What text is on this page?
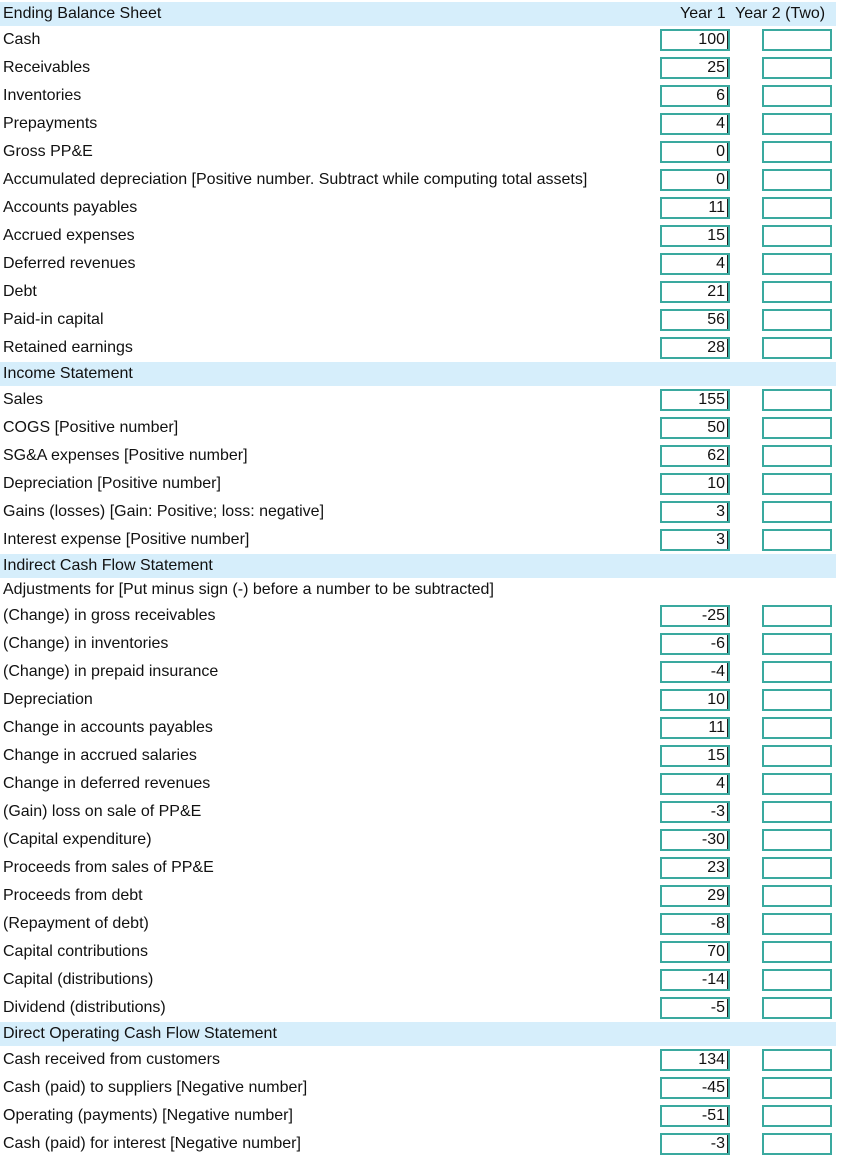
Ending Balance Sheet	Year 1 Year 2 (Two)
Cash	100
Receivables	25
Inventories	6
Prepayments	4
Gross PP&E	0
Accumulated depreciation [Positive number. Subtract while computing total assets]	0
Accounts payables	11
Accrued expenses	15
Deferred revenues	4
Debt	21
Paid-in capital	56
Retained earnings	28
Income Statement
Sales	155
COGS [Positive number]	50
SG&A expenses [Positive number]	62
Depreciation [Positive number]	10
Gains (losses) [Gain: Positive; loss: negative]	3
Interest expense [Positive number]	3
Indirect Cash Flow Statement
Adjustments for [Put minus sign (-) before a number to be subtracted]
(Change) in gross receivables	-25
(Change) in inventories	-6
(Change) in prepaid insurance	-4
Depreciation	10
Change in accounts payables	11
Change in accrued salaries	15
Change in deferred revenues	4
(Gain) loss on sale of PP&E	-3
(Capital expenditure)	-30
Proceeds from sales of PP&E	23
Proceeds from debt	29
(Repayment of debt)	-8
Capital contributions	70
Capital (distributions)	-14
Dividend (distributions)	-5
Direct Operating Cash Flow Statement
Cash received from customers	134
Cash (paid) to suppliers [Negative number]	-45
Operating (payments) [Negative number]	-51
Cash (paid) for interest [Negative number]	-3
